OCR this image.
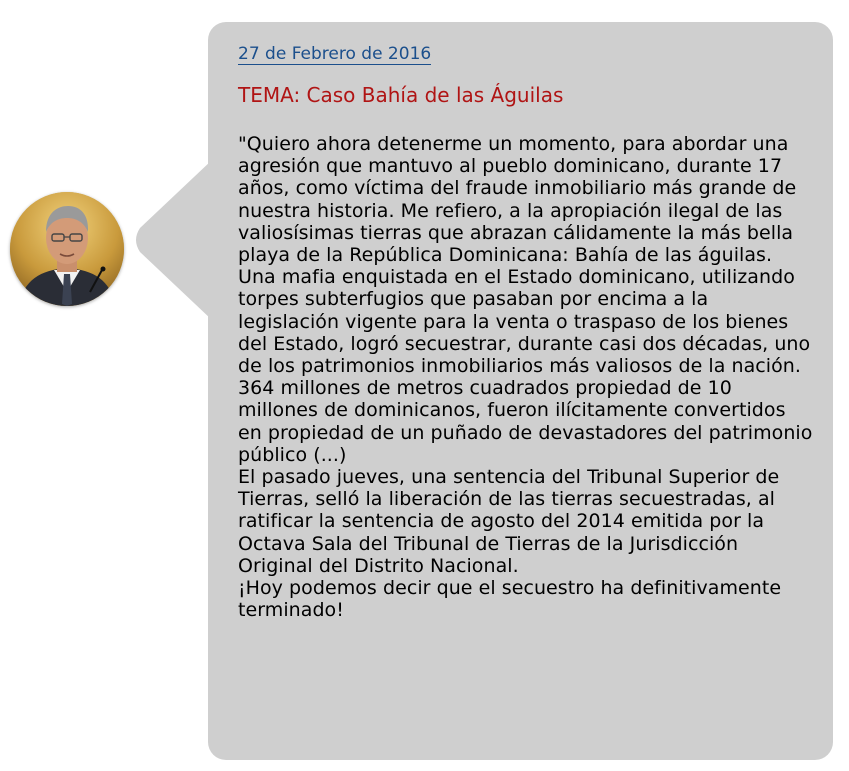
27 de Febrero de 2016
TEMA: Caso Bahía de las Águilas

"Quiero ahora detenerme un momento, para abordar una agresión que mantuvo al pueblo dominicano, durante 17 años, como víctima del fraude inmobiliario más grande de nuestra historia. Me refiero, a la apropiación ilegal de las valiosísimas tierras que abrazan cálidamente la más bella playa de la República Dominicana: Bahía de las águilas.

Una mafia enquistada en el Estado dominicano, utilizando torpes subterfugios que pasaban por encima a la legislación vigente para la venta o traspaso de los bienes del Estado, logró secuestrar, durante casi dos décadas, uno de los patrimonios inmobiliarios más valiosos de la nación. 364 millones de metros cuadrados propiedad de 10 millones de dominicanos, fueron ilícitamente convertidos en propiedad de un puñado de devastadores del patrimonio público (...)

El pasado jueves, una sentencia del Tribunal Superior de Tierras, selló la liberación de las tierras secuestradas, al ratificar la sentencia de agosto del 2014 emitida por la Octava Sala del Tribunal de Tierras de la Jurisdicción Original del Distrito Nacional.

¡Hoy podemos decir que el secuestro ha definitivamente terminado!
